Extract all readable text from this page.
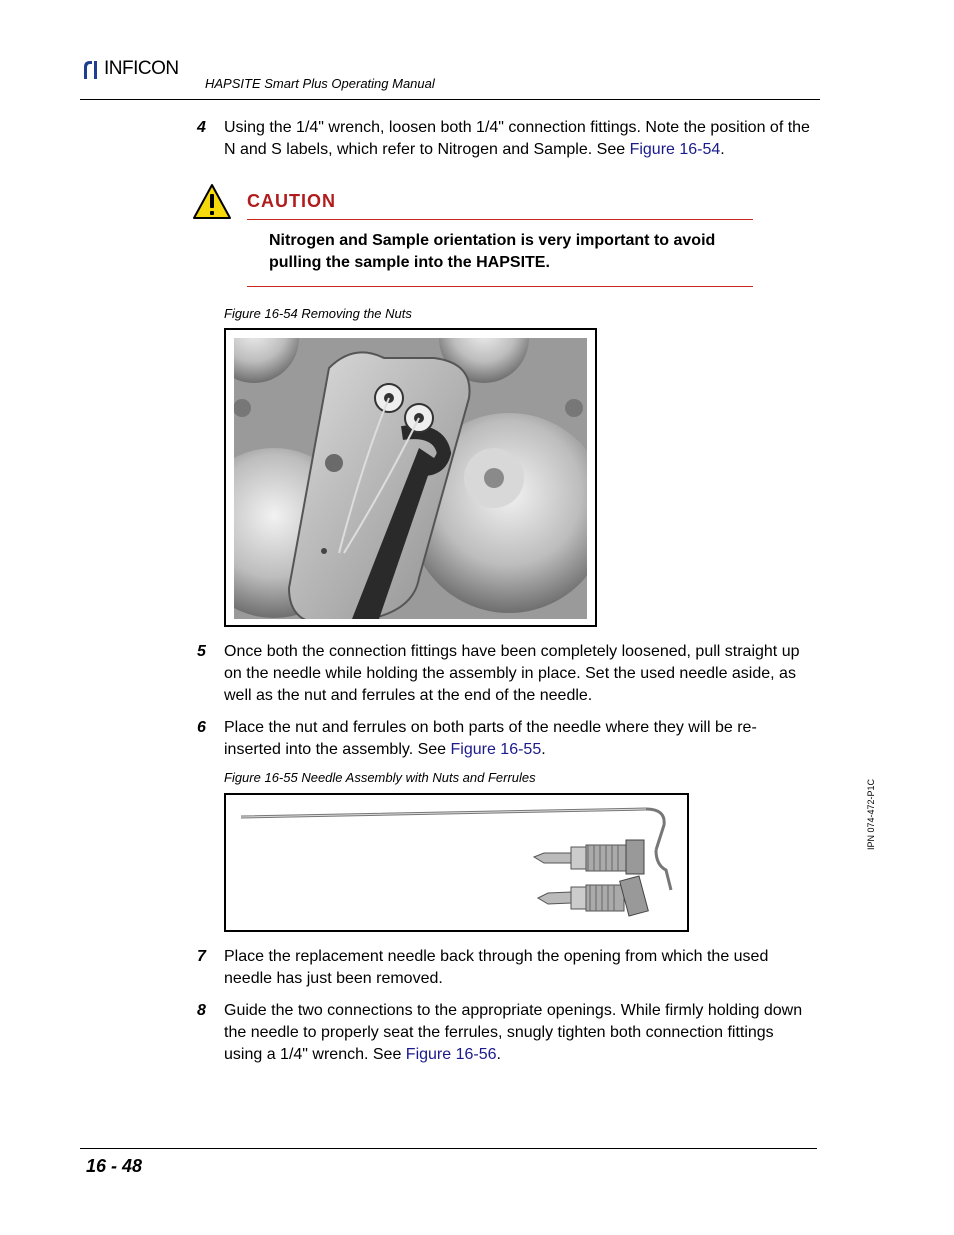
INFICON
HAPSITE Smart Plus Operating Manual
4 Using the 1/4" wrench, loosen both 1/4" connection fittings. Note the position of the N and S labels, which refer to Nitrogen and Sample. See Figure 16-54.
CAUTION
Nitrogen and Sample orientation is very important to avoid pulling the sample into the HAPSITE.
Figure 16-54 Removing the Nuts
5 Once both the connection fittings have been completely loosened, pull straight up on the needle while holding the assembly in place. Set the used needle aside, as well as the nut and ferrules at the end of the needle.
6 Place the nut and ferrules on both parts of the needle where they will be re-inserted into the assembly. See Figure 16-55.
Figure 16-55 Needle Assembly with Nuts and Ferrules
7 Place the replacement needle back through the opening from which the used needle has just been removed.
8 Guide the two connections to the appropriate openings. While firmly holding down the needle to properly seat the ferrules, snugly tighten both connection fittings using a 1/4" wrench. See Figure 16-56.
IPN 074-472-P1C
16 - 48
